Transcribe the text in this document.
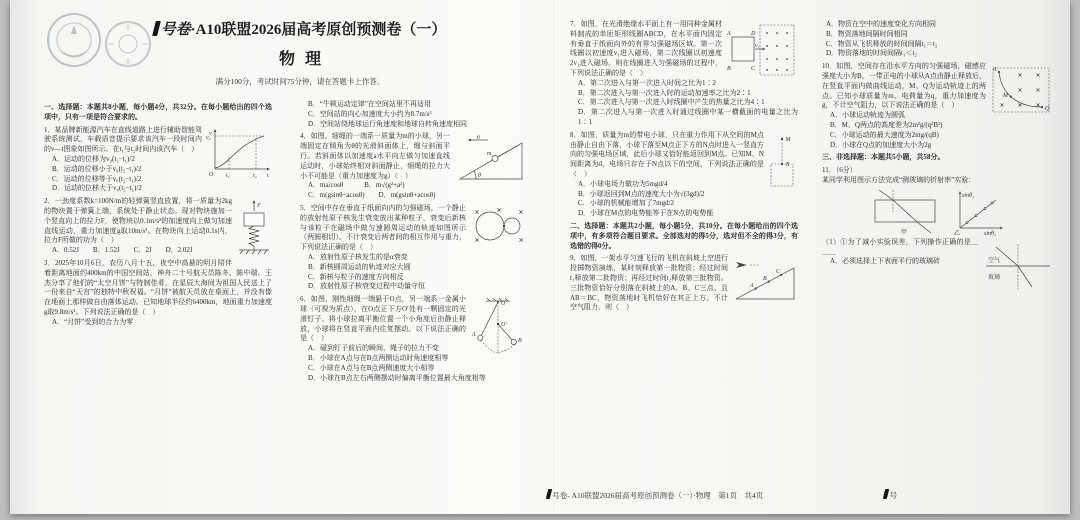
号卷·A10联盟2026届高考原创预测卷（一）
物理
满分100分，考试时间75分钟，请在答题卡上作答。

一、选择题：本题共8小题，每小题4分，共32分。在每小题给出的四个选项中，只有一项是符合要求的。

v
v₀
O t₁	t₂ t

1．某品牌新能源汽车在直线道路上进行辅助智能驾驶系统测试，车载语音提示要求该汽车一段时间内的v—t图象如图所示。在t₁与t₂时间内该汽车（　）

A．运动的位移为v₀(t₂−t₁)/2

B．运动的位移小于v₀(t₂−t₁)/2

C．运动的位移等于v₀(t₂−t₁)/2

D．运动的位移大于v₀(t₂−t₁)/2

F

2．一劲度系数k=100N/m的轻弹簧竖直放置，将一质量为2kg的物块置于弹簧上端，系统处于静止状态。现对物块施加一个竖直向上的拉力F，使物块以0.1m/s²的加速度向上做匀加速直线运动，重力加速度g取10m/s²。在物块向上运动0.1s内，拉力F所做的功为（　）

A．0.52J　　B．1.52J　　C．2J　　D．2.02J

3．2025年10月6日，农历八月十五，夜空中高悬的明月陪伴着距离地面约400km的中国空间站，神舟二十号航天员陈冬、陈中瑞、王杰分享了他们的“太空月饼”与特制佳肴，在星辰大海间为祖国人民送上了一份来自“天宫”的独特中秋祝福。“月饼”被航天员放在桌面上，并没有像在地面上那样做自由落体运动。已知地球半径约6400km，地面重力加速度g取9.8m/s²。下列说法正确的是（　）

A．“月饼”受到的合力为零

B．“牛顿运动定律”在空间站里不再适用

C．空间站的向心加速度大小约为8.7m/s²

D．空间站绕地球运行角速度和地球自转角速度相同

θ
m
a

4．如图，细绳的一端系一质量为m的小球，另一端固定在倾角为θ的光滑斜面体上，绳与斜面平行。若斜面体以加速度a水平向左做匀加速直线运动时，小球始终相对斜面静止，细绳的拉力大小不可能是（重力加速度为g）（　）

A．ma/cosθ　　　B．m√(g²+a²)

C．m(gsinθ−acosθ)　　D．m(gsinθ+acosθ)

5．空间中存在垂直于纸面向内的匀强磁场，一个静止的放射性原子核发生衰变放出某种粒子，衰变后新核与该粒子在磁场中做匀速圆周运动的轨迹如图所示（两圆相切）。不计衰变后两者间的相互作用与重力，下列说法正确的是（　）

A．放射性原子核发生的是α衰变

B．新核圆周运动的轨迹对应大圆

C．新核与粒子的速度方向相反

D．放射性原子核衰变过程中动量守恒

O
O′
A
B

6．如图，刚性细绳一端悬于O点，另一端系一金属小球（可视为质点），在O点正下方O′处有一颗固定的光滑钉子。将小球拉离平衡位置一个小角度后由静止释放，小球将在竖直平面内往复摆动。以下说法正确的是（　）

A．碰到钉子前后的瞬间，绳子的拉力不变

B．小球在A点与在B点两侧运动时角速度相等

C．小球在A点与在B点两侧速度大小相等

D．小球在B点左右两侧摆动时偏离平衡位置最大角度相等

A	D
B	C
v₁

7．如图，在光滑绝缘水平面上有一用同种金属材料制成的单匝矩形线圈ABCD，在水平面内固定有垂直于纸面向外的有界匀强磁场区域。第一次线圈以初速度v₁进入磁场，第二次线圈以初速度2v₁进入磁场。则在线圈进入匀强磁场的过程中，下列说法正确的是（　）

A．第二次进入与第一次进入时间之比为1∶2

B．第二次进入与第一次进入时的运动加速率之比为2∶1

C．第二次进入与第一次进入时线圈中产生的热量之比为4∶1

D．第二次进入与第一次进入时通过线圈中某一横截面的电量之比为1∶1

M
N

8．如图，质量为m的带电小球，只在重力作用下从空间的M点由静止自由下落，小球下落至M点正下方的N点时进入一竖直方向的匀强电场区域，此后小球又恰好能返回到M点。已知M、N间距离为d，电场只存在于N点以下的空间，下列说法正确的是（　）

A．小球电场力做功为5mgd/4

B．小球返回到M点的速度大小为√(3gd)/2

C．小球的机械能增加了7mgd/2

D．小球在M点的电势能等于在N点的电势能

二、选择题：本题共2小题，每小题5分，共10分。在每小题给出的四个选项中，有多项符合题目要求。全部选对的得5分，选对但不全的得3分，有选错的得0分。

A
B
C

9．如图，一架水平匀速飞行的飞机在斜坡上空进行投掷物资演练，某时刻释放第一批物资；经过时间t₁释放第二批物资；再经过时间t₂释放第三批物资。三批物资恰好分别落在斜坡上的A、B、C三点，且AB＝BC，物资落地时飞机恰好在其正上方。不计空气阻力，则（　）

A．物资在空中的速度变化方向相同

B．物资落地间隔时间相同

C．物资从飞机释放的时间间隔t₁＝t₂

D．物资落地的时间间隔t₁＜t₂

A
M
Q

10．如图，空间存在沿水平方向的匀强磁场，磁感应强度大小为B，一带正电的小球从A点由静止释放后，在竖直平面内做曲线运动，M、Q为运动轨迹上的两点。已知小球质量为m、电荷量为q，重力加速度为g，不计空气阻力，以下说法正确的是（　）

A．小球运动轨迹为圆弧

B．M、Q两点的高度差为2m²g/(q²B²)

C．小球运动的最大速度为2mg/(qB)

D．小球在Q点的加速度大小为2g

三、非选择题：本题共5小题，共58分。

11．（6分）

某同学利用图示方法完成“测玻璃的折射率”实验：

甲
sinθ₁
sinθ₂
乙
空气
玻璃

（1）①为了减小实验误差，下列操作正确的是＿＿＿

A．必须选择上下表面平行的玻璃砖

号卷- A10联盟2026届高考原创预测卷（一）·物理　第1页　共4页	号
